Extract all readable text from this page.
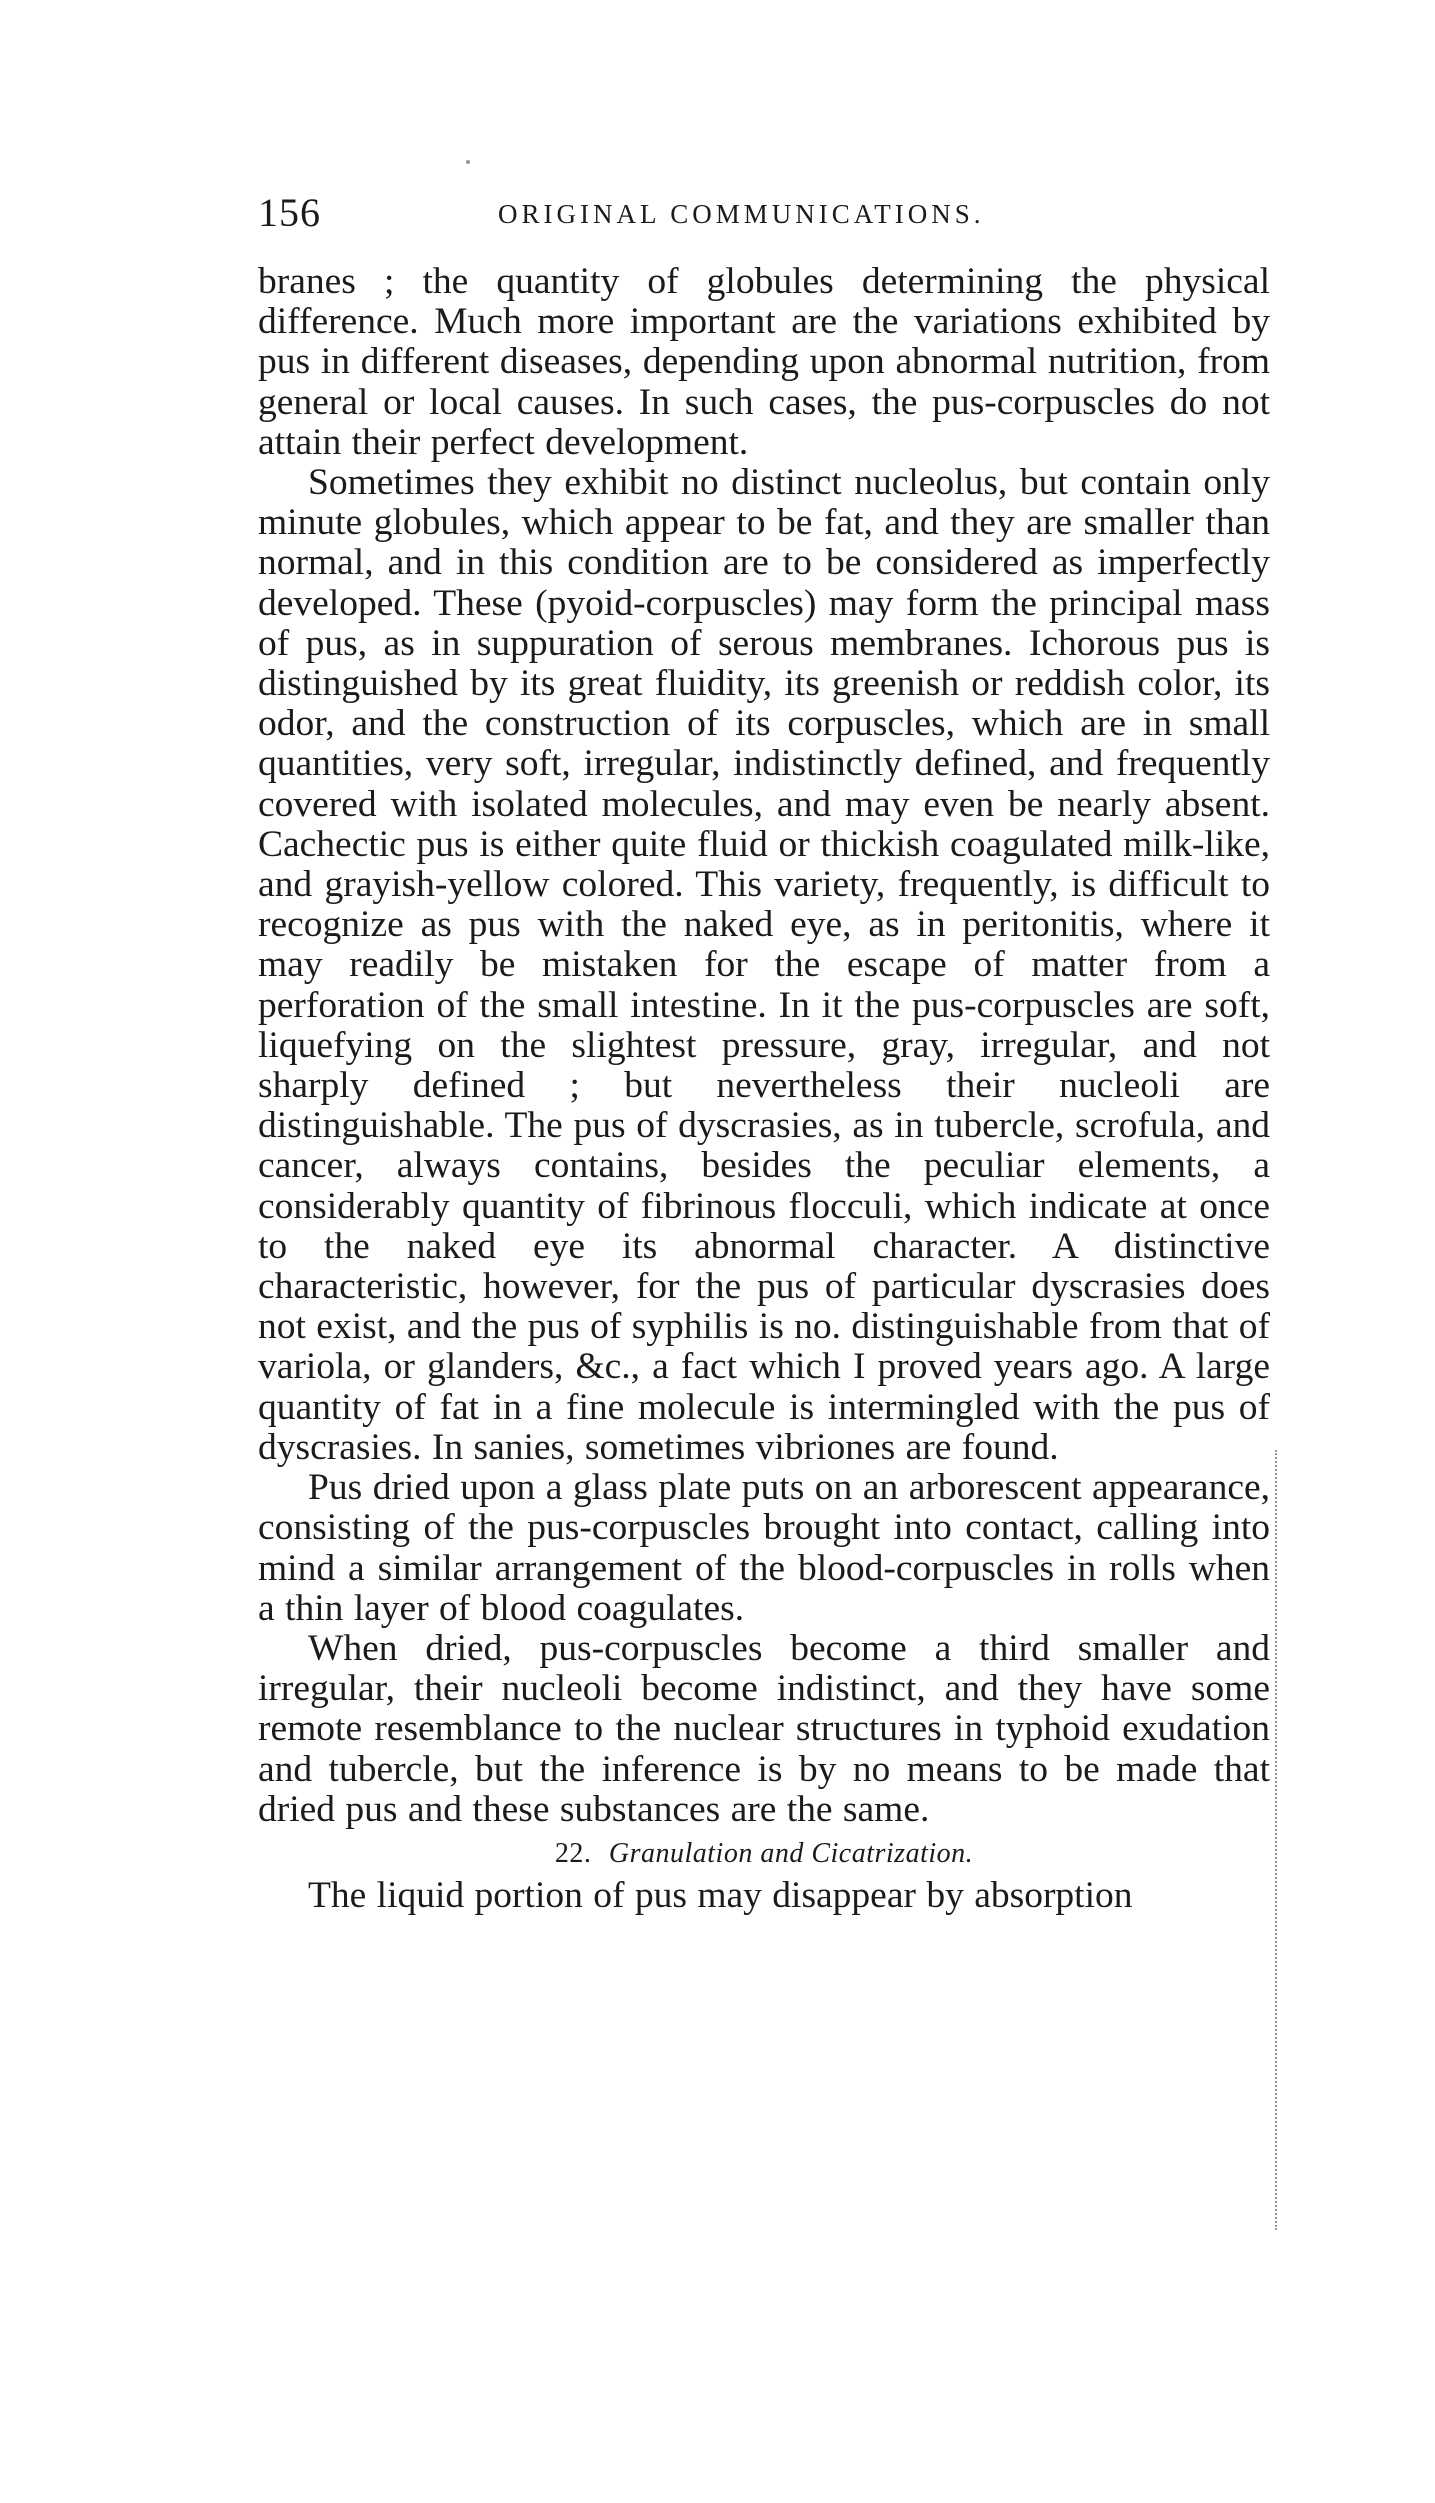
156	ORIGINAL COMMUNICATIONS.

branes ; the quantity of globules determining the physical difference. Much more important are the variations exhibited by pus in different diseases, depending upon abnormal nutrition, from general or local causes. In such cases, the pus-corpuscles do not attain their perfect development.

Sometimes they exhibit no distinct nucleolus, but contain only minute globules, which appear to be fat, and they are smaller than normal, and in this condition are to be considered as imperfectly developed. These (pyoid-corpuscles) may form the principal mass of pus, as in suppuration of serous membranes. Ichorous pus is distinguished by its great fluidity, its greenish or reddish color, its odor, and the construction of its corpuscles, which are in small quantities, very soft, irregular, indistinctly defined, and frequently covered with isolated molecules, and may even be nearly absent. Cachectic pus is either quite fluid or thickish coagulated milk-like, and grayish-yellow colored. This variety, frequently, is difficult to recognize as pus with the naked eye, as in peritonitis, where it may readily be mistaken for the escape of matter from a perforation of the small intestine. In it the pus-corpuscles are soft, liquefying on the slightest pressure, gray, irregular, and not sharply defined ; but nevertheless their nucleoli are distinguishable. The pus of dyscrasies, as in tubercle, scrofula, and cancer, always contains, besides the peculiar elements, a considerably quantity of fibrinous flocculi, which indicate at once to the naked eye its abnormal character. A distinctive characteristic, however, for the pus of particular dyscrasies does not exist, and the pus of syphilis is no. distinguishable from that of variola, or glanders, &c., a fact which I proved years ago. A large quantity of fat in a fine molecule is intermingled with the pus of dyscrasies. In sanies, sometimes vibriones are found.

Pus dried upon a glass plate puts on an arborescent appearance, consisting of the pus-corpuscles brought into contact, calling into mind a similar arrangement of the blood-corpuscles in rolls when a thin layer of blood coagulates.

When dried, pus-corpuscles become a third smaller and irregular, their nucleoli become indistinct, and they have some remote resemblance to the nuclear structures in typhoid exudation and tubercle, but the inference is by no means to be made that dried pus and these substances are the same.

22. Granulation and Cicatrization.

The liquid portion of pus may disappear by absorption
